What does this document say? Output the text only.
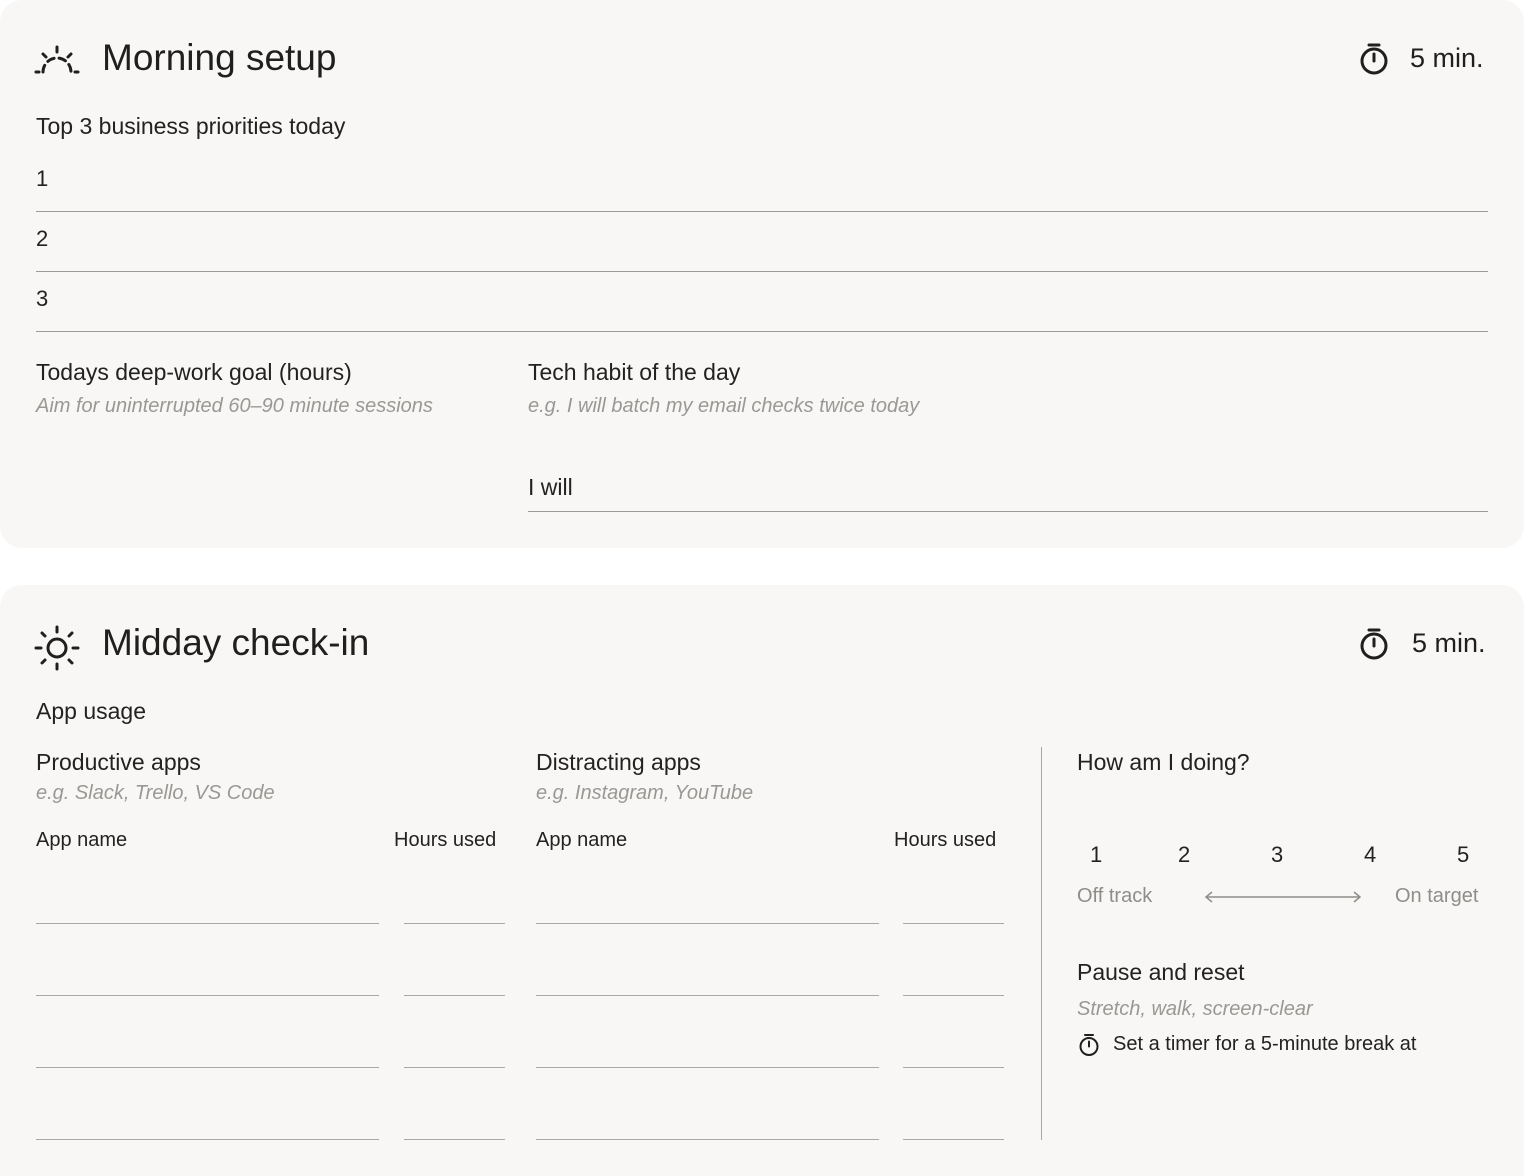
Morning setup	5 min.
Top 3 business priorities today
1
2
3
Todays deep-work goal (hours)
Aim for uninterrupted 60–90 minute sessions
Tech habit of the day
e.g. I will batch my email checks twice today
I will
Midday check-in	5 min.
App usage
Productive apps
e.g. Slack, Trello, VS Code
App name	Hours used
Distracting apps
e.g. Instagram, YouTube
App name	Hours used
How am I doing?
1	2	3	4	5
Off track	On target
Pause and reset
Stretch, walk, screen-clear
Set a timer for a 5-minute break at
